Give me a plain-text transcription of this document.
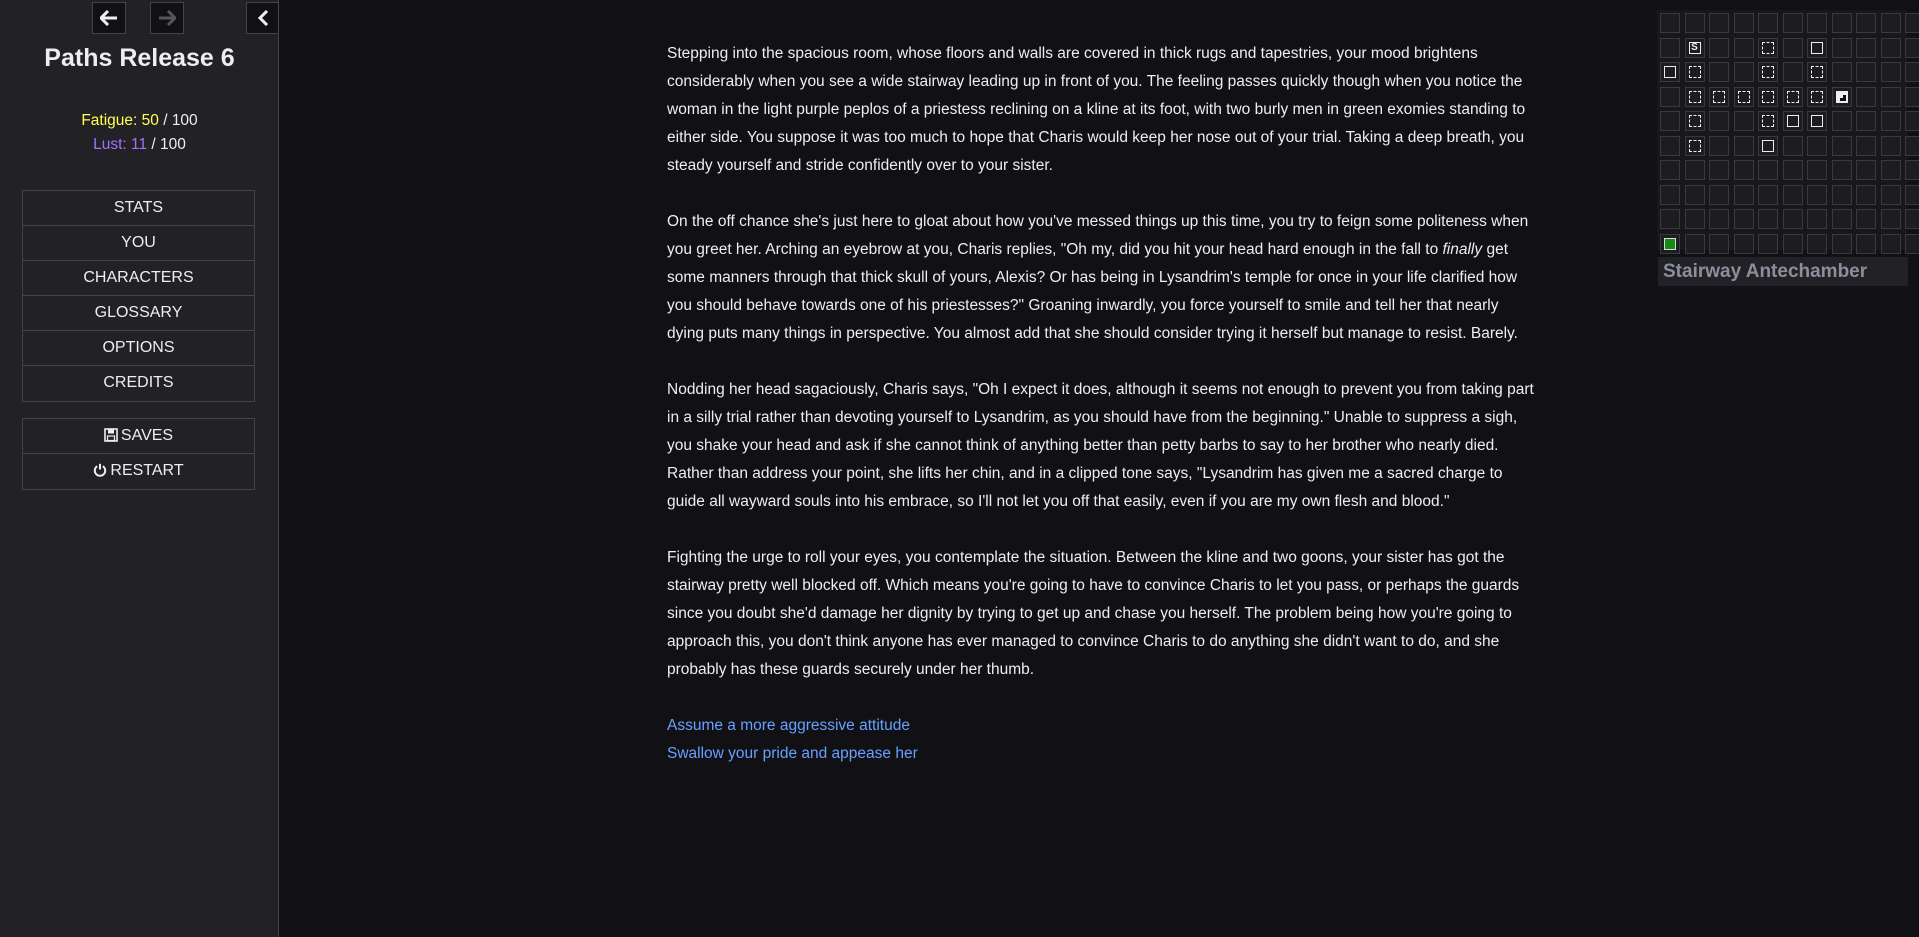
Paths Release 6
Fatigue: 50 / 100
Lust: 11 / 100
STATS
YOU
CHARACTERS
GLOSSARY
OPTIONS
CREDITS
SAVES
RESTART

Stepping into the spacious room, whose floors and walls are covered in thick rugs and tapestries, your mood brightens considerably when you see a wide stairway leading up in front of you. The feeling passes quickly though when you notice the woman in the light purple peplos of a priestess reclining on a kline at its foot, with two burly men in green exomies standing to either side. You suppose it was too much to hope that Charis would keep her nose out of your trial. Taking a deep breath, you steady yourself and stride confidently over to your sister.

On the off chance she's just here to gloat about how you've messed things up this time, you try to feign some politeness when you greet her. Arching an eyebrow at you, Charis replies, "Oh my, did you hit your head hard enough in the fall to finally get some manners through that thick skull of yours, Alexis? Or has being in Lysandrim's temple for once in your life clarified how you should behave towards one of his priestesses?" Groaning inwardly, you force yourself to smile and tell her that nearly dying puts many things in perspective. You almost add that she should consider trying it herself but manage to resist. Barely.

Nodding her head sagaciously, Charis says, "Oh I expect it does, although it seems not enough to prevent you from taking part in a silly trial rather than devoting yourself to Lysandrim, as you should have from the beginning." Unable to suppress a sigh, you shake your head and ask if she cannot think of anything better than petty barbs to say to her brother who nearly died. Rather than address your point, she lifts her chin, and in a clipped tone says, "Lysandrim has given me a sacred charge to guide all wayward souls into his embrace, so I'll not let you off that easily, even if you are my own flesh and blood."

Fighting the urge to roll your eyes, you contemplate the situation. Between the kline and two goons, your sister has got the stairway pretty well blocked off. Which means you're going to have to convince Charis to let you pass, or perhaps the guards since you doubt she'd damage her dignity by trying to get up and chase you herself. The problem being how you're going to approach this, you don't think anyone has ever managed to convince Charis to do anything she didn't want to do, and she probably has these guards securely under her thumb.

Assume a more aggressive attitude
Swallow your pride and appease her
S
Stairway Antechamber
